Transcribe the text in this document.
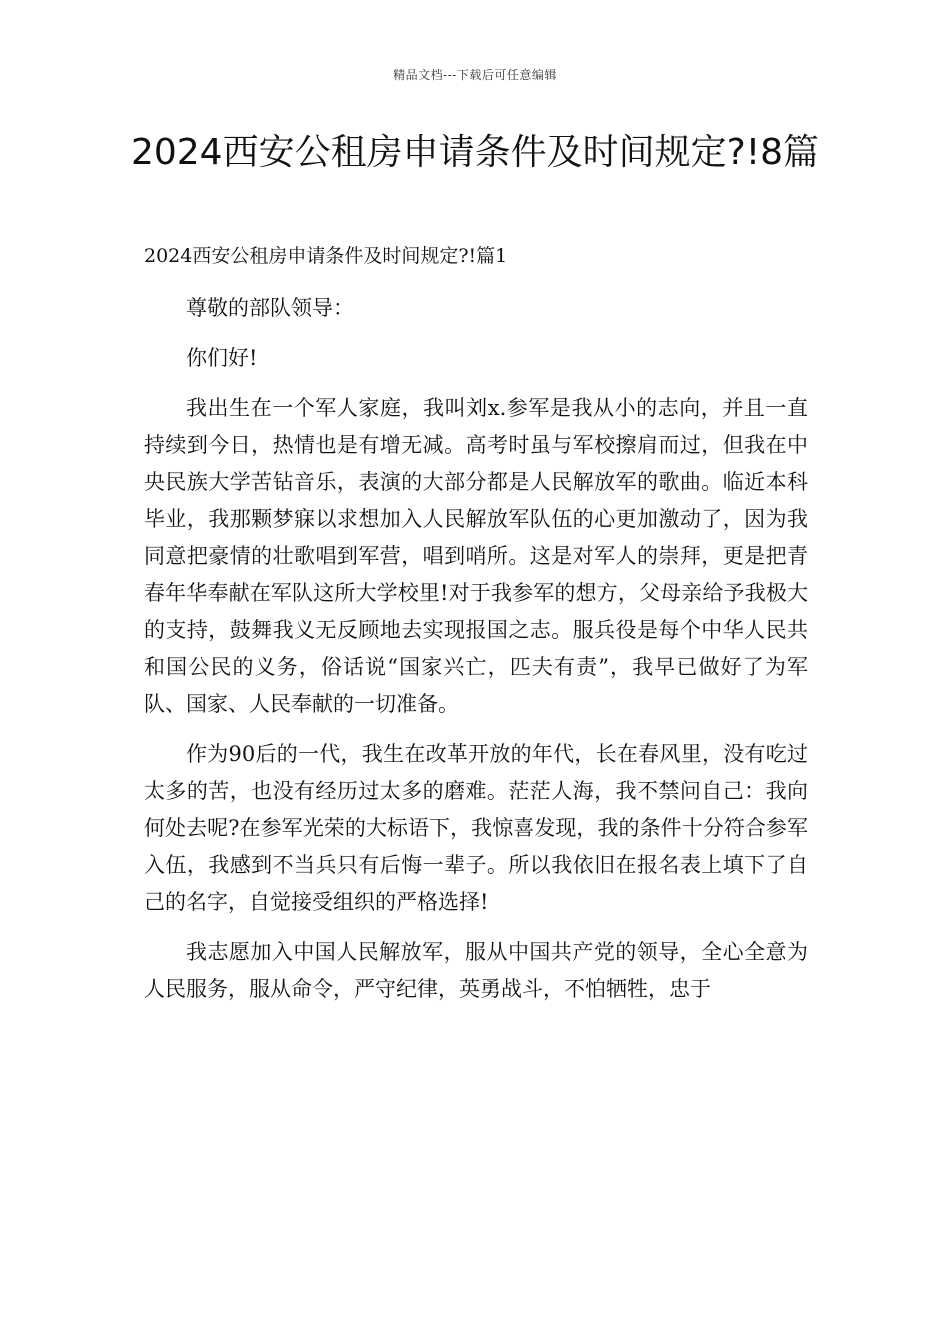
精品文档---下载后可任意编辑
2024西安公租房申请条件及时间规定?!8篇

2024西安公租房申请条件及时间规定?!篇1

尊敬的部队领导：

你们好!

我出生在一个军人家庭，我叫刘x.参军是我从小的志向，并且一直持续到今日，热情也是有增无减。高考时虽与军校擦肩而过，但我在中央民族大学苦钻音乐，表演的大部分都是人民解放军的歌曲。临近本科毕业，我那颗梦寐以求想加入人民解放军队伍的心更加激动了，因为我同意把豪情的壮歌唱到军营，唱到哨所。这是对军人的崇拜，更是把青春年华奉献在军队这所大学校里!对于我参军的想方，父母亲给予我极大的支持，鼓舞我义无反顾地去实现报国之志。服兵役是每个中华人民共和国公民的义务，俗话说“国家兴亡，匹夫有责”，我早已做好了为军队、国家、人民奉献的一切准备。

作为90后的一代，我生在改革开放的年代，长在春风里，没有吃过太多的苦，也没有经历过太多的磨难。茫茫人海，我不禁问自己：我向何处去呢?在参军光荣的大标语下，我惊喜发现，我的条件十分符合参军入伍，我感到不当兵只有后悔一辈子。所以我依旧在报名表上填下了自己的名字，自觉接受组织的严格选择!

我志愿加入中国人民解放军，服从中国共产党的领导，全心全意为人民服务，服从命令，严守纪律，英勇战斗，不怕牺牲，忠于
